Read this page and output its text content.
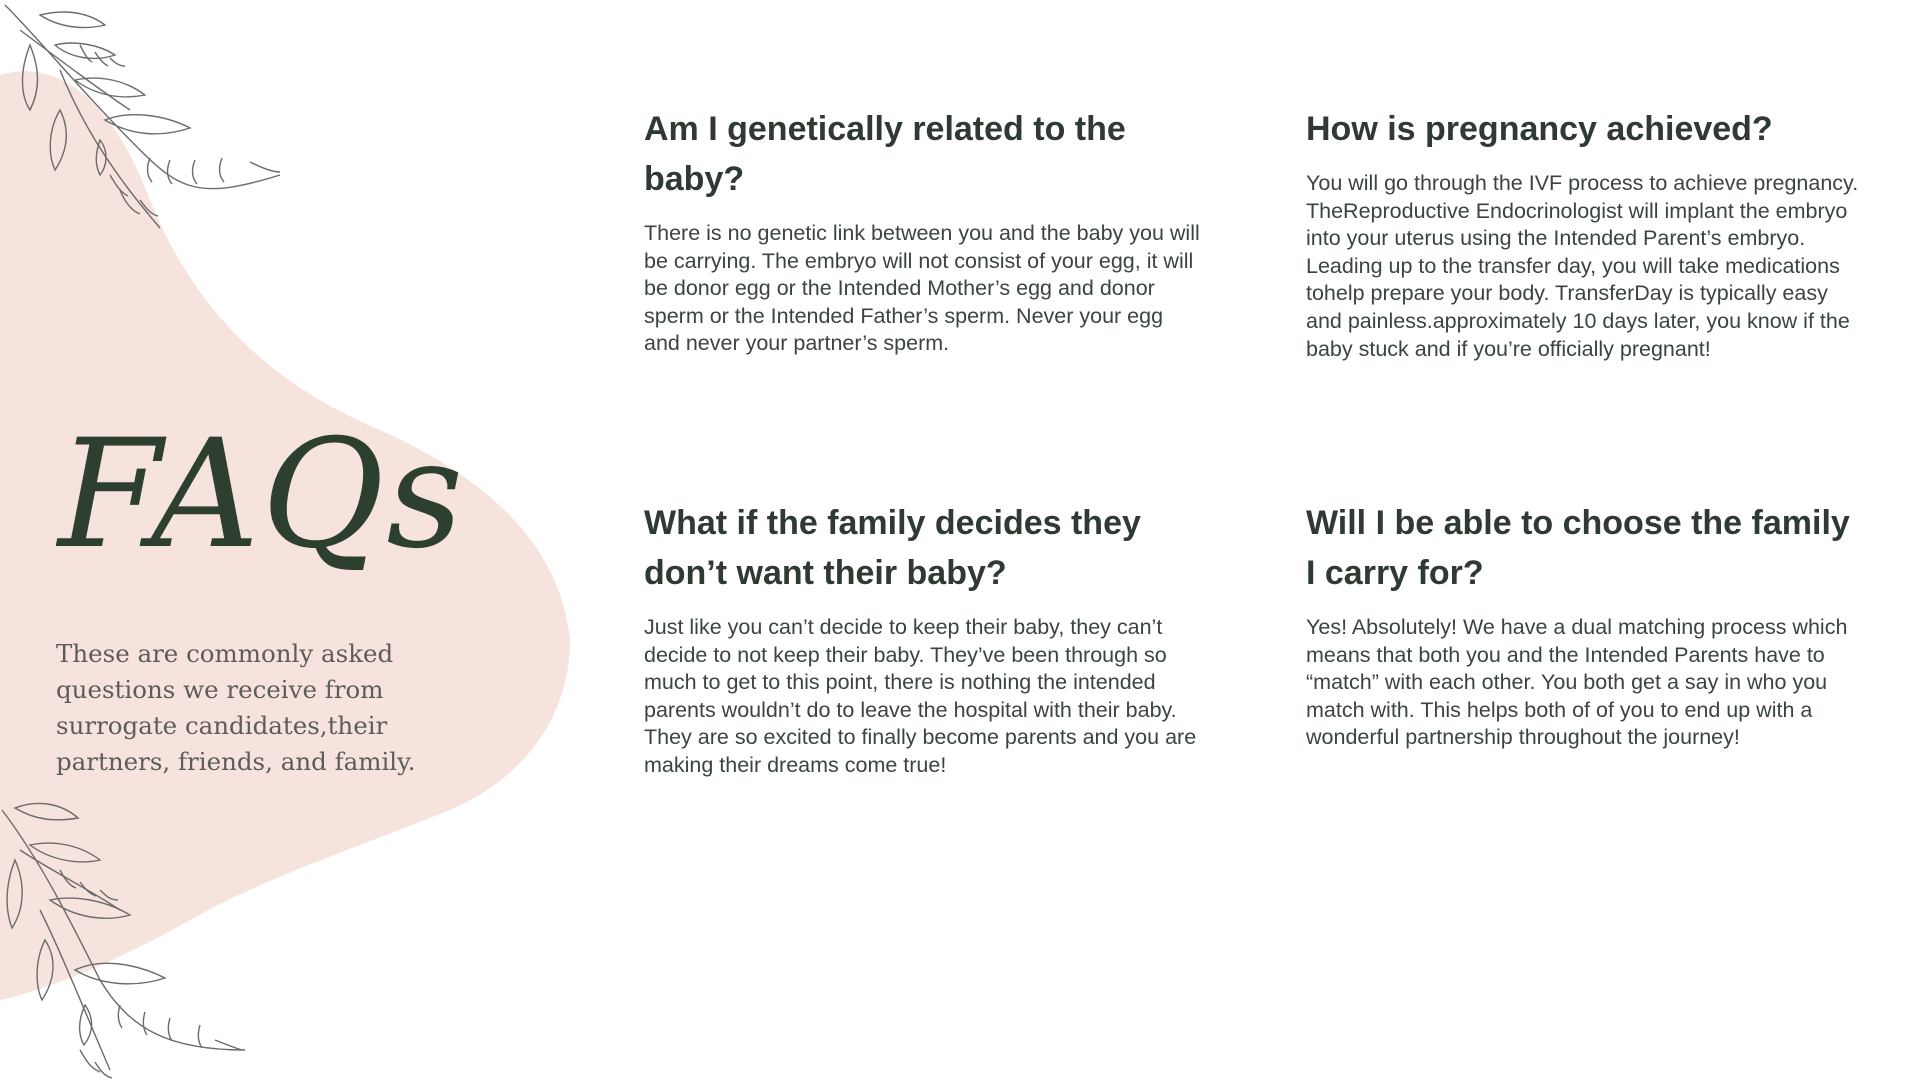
FAQs
These are commonly asked questions we receive from surrogate candidates,their partners, friends, and family.
Am I genetically related to the baby?

There is no genetic link between you and the baby you will be carrying. The embryo will not consist of your egg, it will be donor egg or the Intended Mother’s egg and donor sperm or the Intended Father’s sperm. Never your egg and never your partner’s sperm.

How is pregnancy achieved?

You will go through the IVF process to achieve pregnancy. TheReproductive Endocrinologist will implant the embryo into your uterus using the Intended Parent’s embryo. Leading up to the transfer day, you will take medications tohelp prepare your body. TransferDay is typically easy and painless.approximately 10 days later, you know if the baby stuck and if you’re officially pregnant!

What if the family decides they don’t want their baby?

Just like you can’t decide to keep their baby, they can’t decide to not keep their baby. They’ve been through so much to get to this point, there is nothing the intended parents wouldn’t do to leave the hospital with their baby. They are so excited to finally become parents and you are making their dreams come true!

Will I be able to choose the family I carry for?

Yes! Absolutely! We have a dual matching process which means that both you and the Intended Parents have to “match” with each other. You both get a say in who you match with. This helps both of of you to end up with a wonderful partnership throughout the journey!
